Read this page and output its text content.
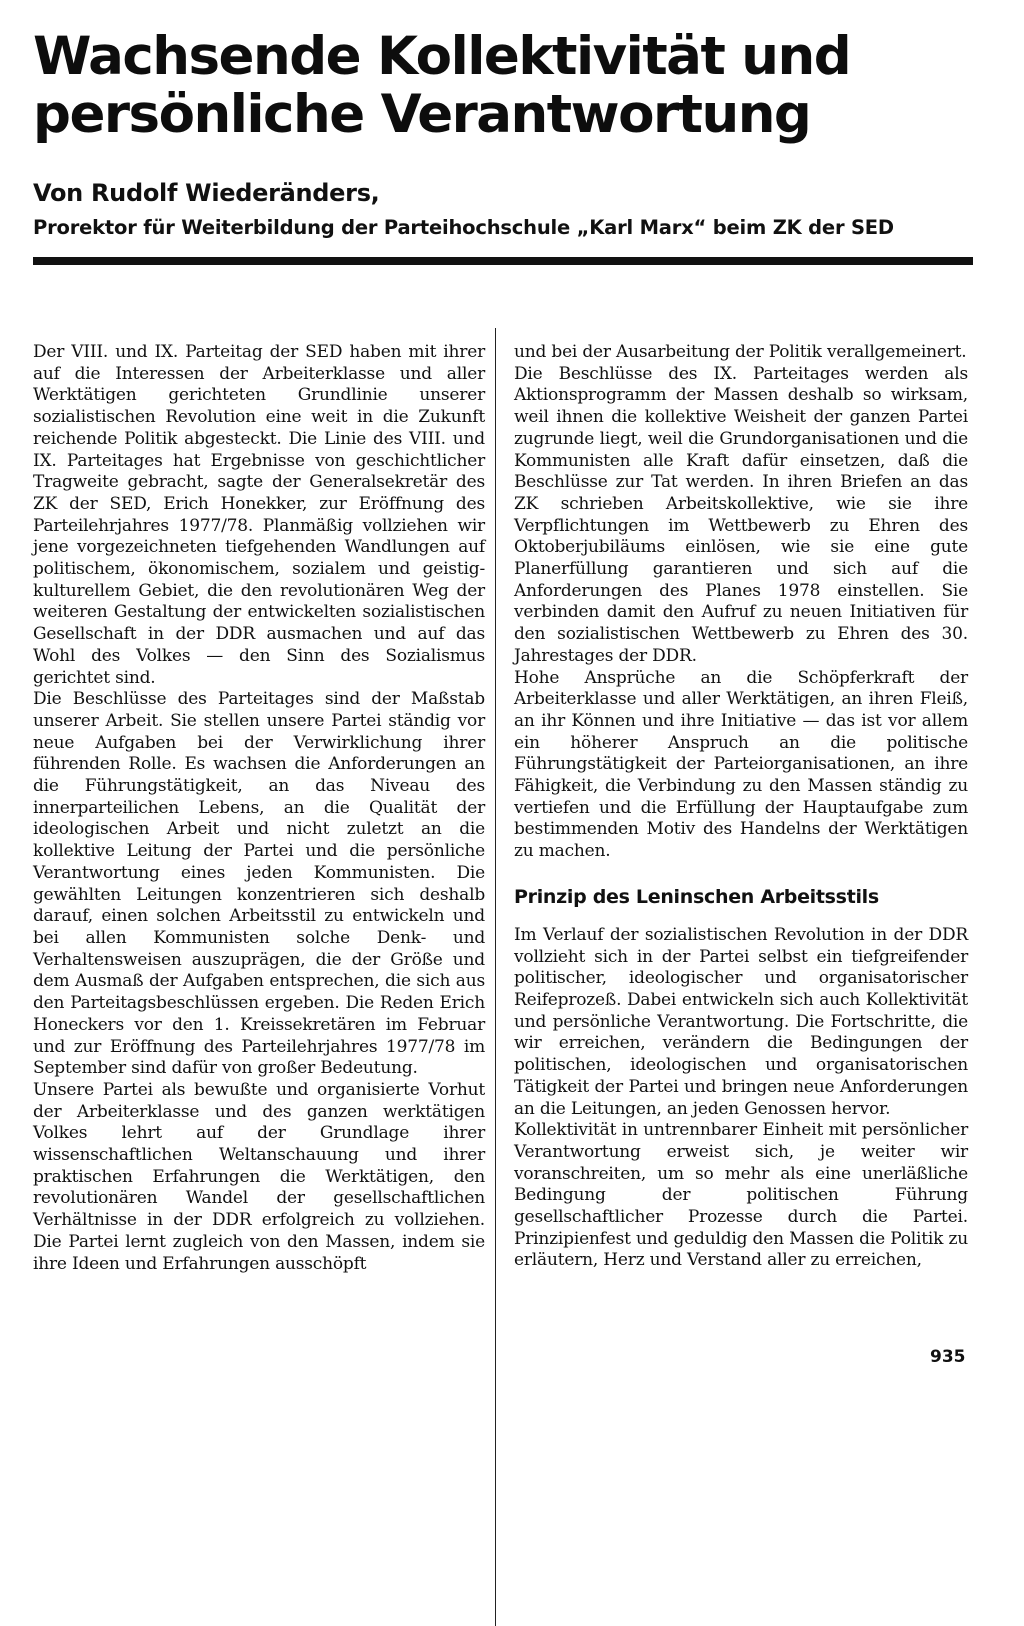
Wachsende Kollektivität und
persönliche Verantwortung

Von Rudolf Wiederänders,

Prorektor für Weiterbildung der Parteihochschule „Karl Marx“ beim ZK der SED

Der VIII. und IX. Parteitag der SED haben mit ihrer auf die Interessen der Arbeiterklasse und aller Werktätigen gerichteten Grundlinie unserer sozialistischen Revolution eine weit in die Zukunft reichende Politik abgesteckt. Die Linie des VIII. und IX. Parteitages hat Ergebnisse von geschichtlicher Tragweite gebracht, sagte der Generalsekretär des ZK der SED, Erich Honekker, zur Eröffnung des Parteilehrjahres 1977/78. Planmäßig vollziehen wir jene vorgezeichneten tiefgehenden Wandlungen auf politischem, ökonomischem, sozialem und geistig-kulturellem Gebiet, die den revolutionären Weg der weiteren Gestaltung der entwickelten sozialistischen Gesellschaft in der DDR ausmachen und auf das Wohl des Volkes — den Sinn des Sozialismus gerichtet sind.

Die Beschlüsse des Parteitages sind der Maßstab unserer Arbeit. Sie stellen unsere Partei ständig vor neue Aufgaben bei der Verwirklichung ihrer führenden Rolle. Es wachsen die Anforderungen an die Führungstätigkeit, an das Niveau des innerparteilichen Lebens, an die Qualität der ideologischen Arbeit und nicht zuletzt an die kollektive Leitung der Partei und die persönliche Verantwortung eines jeden Kommunisten. Die gewählten Leitungen konzentrieren sich deshalb darauf, einen solchen Arbeitsstil zu entwickeln und bei allen Kommunisten solche Denk- und Verhaltensweisen auszuprägen, die der Größe und dem Ausmaß der Aufgaben entsprechen, die sich aus den Parteitagsbeschlüssen ergeben. Die Reden Erich Honeckers vor den 1. Kreissekretären im Februar und zur Eröffnung des Parteilehrjahres 1977/78 im September sind dafür von großer Bedeutung.

Unsere Partei als bewußte und organisierte Vorhut der Arbeiterklasse und des ganzen werktätigen Volkes lehrt auf der Grundlage ihrer wissenschaftlichen Weltanschauung und ihrer praktischen Erfahrungen die Werktätigen, den revolutionären Wandel der gesellschaftlichen Verhältnisse in der DDR erfolgreich zu vollziehen. Die Partei lernt zugleich von den Massen, indem sie ihre Ideen und Erfahrungen ausschöpft

und bei der Ausarbeitung der Politik verallgemeinert.

Die Beschlüsse des IX. Parteitages werden als Aktionsprogramm der Massen deshalb so wirksam, weil ihnen die kollektive Weisheit der ganzen Partei zugrunde liegt, weil die Grundorganisationen und die Kommunisten alle Kraft dafür einsetzen, daß die Beschlüsse zur Tat werden. In ihren Briefen an das ZK schrieben Arbeitskollektive, wie sie ihre Verpflichtungen im Wettbewerb zu Ehren des Oktoberjubiläums einlösen, wie sie eine gute Planerfüllung garantieren und sich auf die Anforderungen des Planes 1978 einstellen. Sie verbinden damit den Aufruf zu neuen Initiativen für den sozialistischen Wettbewerb zu Ehren des 30. Jahrestages der DDR.

Hohe Ansprüche an die Schöpferkraft der Arbeiterklasse und aller Werktätigen, an ihren Fleiß, an ihr Können und ihre Initiative — das ist vor allem ein höherer Anspruch an die politische Führungstätigkeit der Parteiorganisationen, an ihre Fähigkeit, die Verbindung zu den Massen ständig zu vertiefen und die Erfüllung der Hauptaufgabe zum bestimmenden Motiv des Handelns der Werktätigen zu machen.

Prinzip des Leninschen Arbeitsstils

Im Verlauf der sozialistischen Revolution in der DDR vollzieht sich in der Partei selbst ein tiefgreifender politischer, ideologischer und organisatorischer Reifeprozeß. Dabei entwickeln sich auch Kollektivität und persönliche Verantwortung. Die Fortschritte, die wir erreichen, verändern die Bedingungen der politischen, ideologischen und organisatorischen Tätigkeit der Partei und bringen neue Anforderungen an die Leitungen, an jeden Genossen hervor.

Kollektivität in untrennbarer Einheit mit persönlicher Verantwortung erweist sich, je weiter wir voranschreiten, um so mehr als eine unerläßliche Bedingung der politischen Führung gesellschaftlicher Prozesse durch die Partei. Prinzipienfest und geduldig den Massen die Politik zu erläutern, Herz und Verstand aller zu erreichen,

935
